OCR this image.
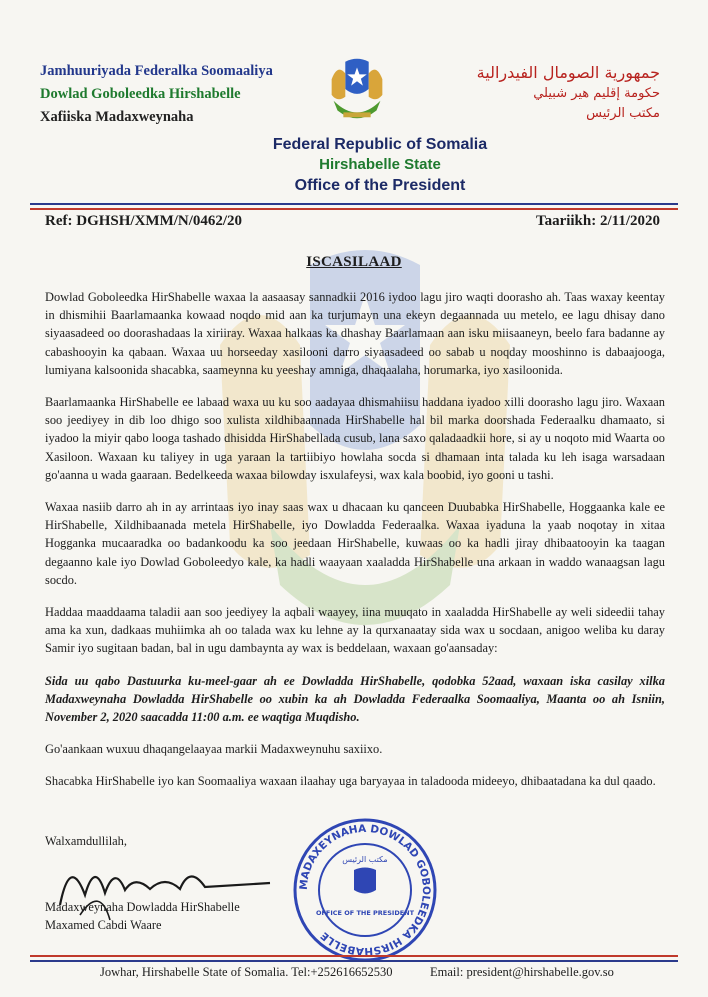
Jamhuuriyada Federalka Soomaaliya
Dowlad Goboleedka Hirshabelle
Xafiiska Madaxweynaha
جمهورية الصومال الفيدرالية
حكومة إقليم هير شبيلي
مكتب الرئيس
Federal Republic of Somalia
Hirshabelle State
Office of the President
Ref: DGHSH/XMM/N/0462/20	Taariikh: 2/11/2020
ISCASILAAD

Dowlad Goboleedka HirShabelle waxaa la aasaasay sannadkii 2016 iydoo lagu jiro waqti doorasho ah. Taas waxay keentay in dhismihii Baarlamaanka kowaad noqdo mid aan ka turjumayn una ekeyn degaannada uu metelo, ee lagu dhisay dano siyaasadeed oo doorashadaas la xiriiray. Waxaa halkaas ka dhashay Baarlamaan aan isku miisaaneyn, beelo fara badanne ay cabashooyin ka qabaan. Waxaa uu horseeday xasilooni darro siyaasadeed oo sabab u noqday mooshinno is dabaajooga, lumiyana kalsoonida shacabka, saameynna ku yeeshay amniga, dhaqaalaha, horumarka, iyo xasiloonida.

Baarlamaanka HirShabelle ee labaad waxa uu ku soo aadayaa dhismahiisu haddana iyadoo xilli doorasho lagu jiro. Waxaan soo jeediyey in dib loo dhigo soo xulista xildhibaannada HirShabelle hal bil marka doorshada Federaalku dhamaato, si iyadoo la miyir qabo looga tashado dhisidda HirShabellada cusub, lana saxo qaladaadkii hore, si ay u noqoto mid Waarta oo Xasiloon. Waxaan ku taliyey in uga yaraan la tartiibiyo howlaha socda si dhamaan inta talada ku leh isaga warsadaan go'aanna u wada gaaraan. Bedelkeeda waxaa bilowday isxulafeysi, wax kala boobid, iyo gooni u tashi.

Waxaa nasiib darro ah in ay arrintaas iyo inay saas wax u dhacaan ku qanceen Duubabka HirShabelle, Hoggaanka kale ee HirShabelle, Xildhibaanada metela HirShabelle, iyo Dowladda Federaalka. Waxaa iyaduna la yaab noqotay in xitaa Hogganka mucaaradka oo badankoodu ka soo jeedaan HirShabelle, kuwaas oo ka hadli jiray dhibaatooyin ka taagan degaanno kale iyo Dowlad Goboleedyo kale, ka hadli waayaan xaaladda HirShabelle una arkaan in waddo wanaagsan lagu socdo.

Haddaa maaddaama taladii aan soo jeediyey la aqbali waayey, iina muuqato in xaaladda HirShabelle ay weli sideedii tahay ama ka xun, dadkaas muhiimka ah oo talada wax ku lehne ay la qurxanaatay sida wax u socdaan, anigoo weliba ku daray Samir iyo sugitaan badan, bal in ugu dambaynta ay wax is beddelaan, waxaan go'aansaday:

Sida uu qabo Dastuurka ku-meel-gaar ah ee Dowladda HirShabelle, qodobka 52aad, waxaan iska casilay xilka Madaxweynaha Dowladda HirShabelle oo xubin ka ah Dowladda Federaalka Soomaaliya, Maanta oo ah Isniin, November 2, 2020 saacadda 11:00 a.m. ee waqtiga Muqdisho.

Go'aankaan wuxuu dhaqangelaayaa markii Madaxweynuhu saxiixo.

Shacabka HirShabelle iyo kan Soomaaliya waxaan ilaahay uga baryayaa in taladooda mideeyo, dhibaatadana ka dul qaado.

Walxamdullilah,
Madaxweynaha Dowladda HirShabelle
Maxamed Cabdi Waare
MADAXEYNAHA DOWLAD GOBOLEEDKA HIRSHABELLE
مكتب الرئيس
OFFICE OF THE PRESIDENT
Jowhar, Hirshabelle State of Somalia. Tel:+252616652530	Email: president@hirshabelle.gov.so
